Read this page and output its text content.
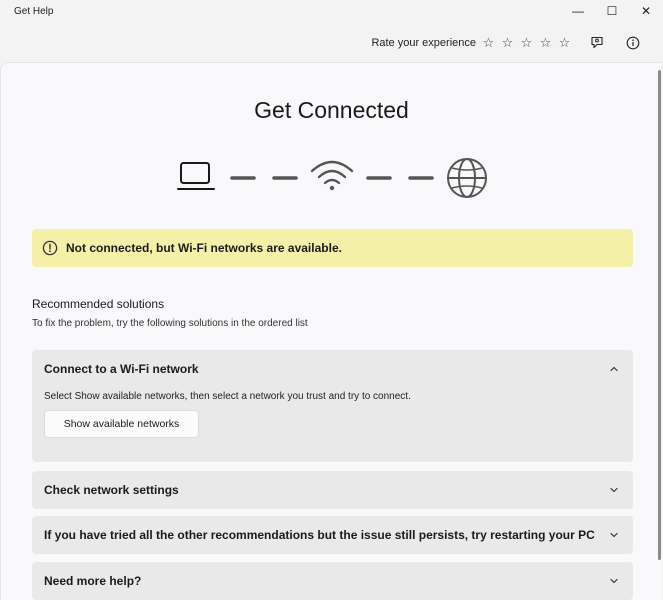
Get Help	—	☐	✕
Rate your experience ☆ ☆ ☆ ☆ ☆
Get Connected
Not connected, but Wi-Fi networks are available.
Recommended solutions
To fix the problem, try the following solutions in the ordered list
Connect to a Wi-Fi network
Select Show available networks, then select a network you trust and try to connect.
Show available networks
Check network settings
If you have tried all the other recommendations but the issue still persists, try restarting your PC
Need more help?
